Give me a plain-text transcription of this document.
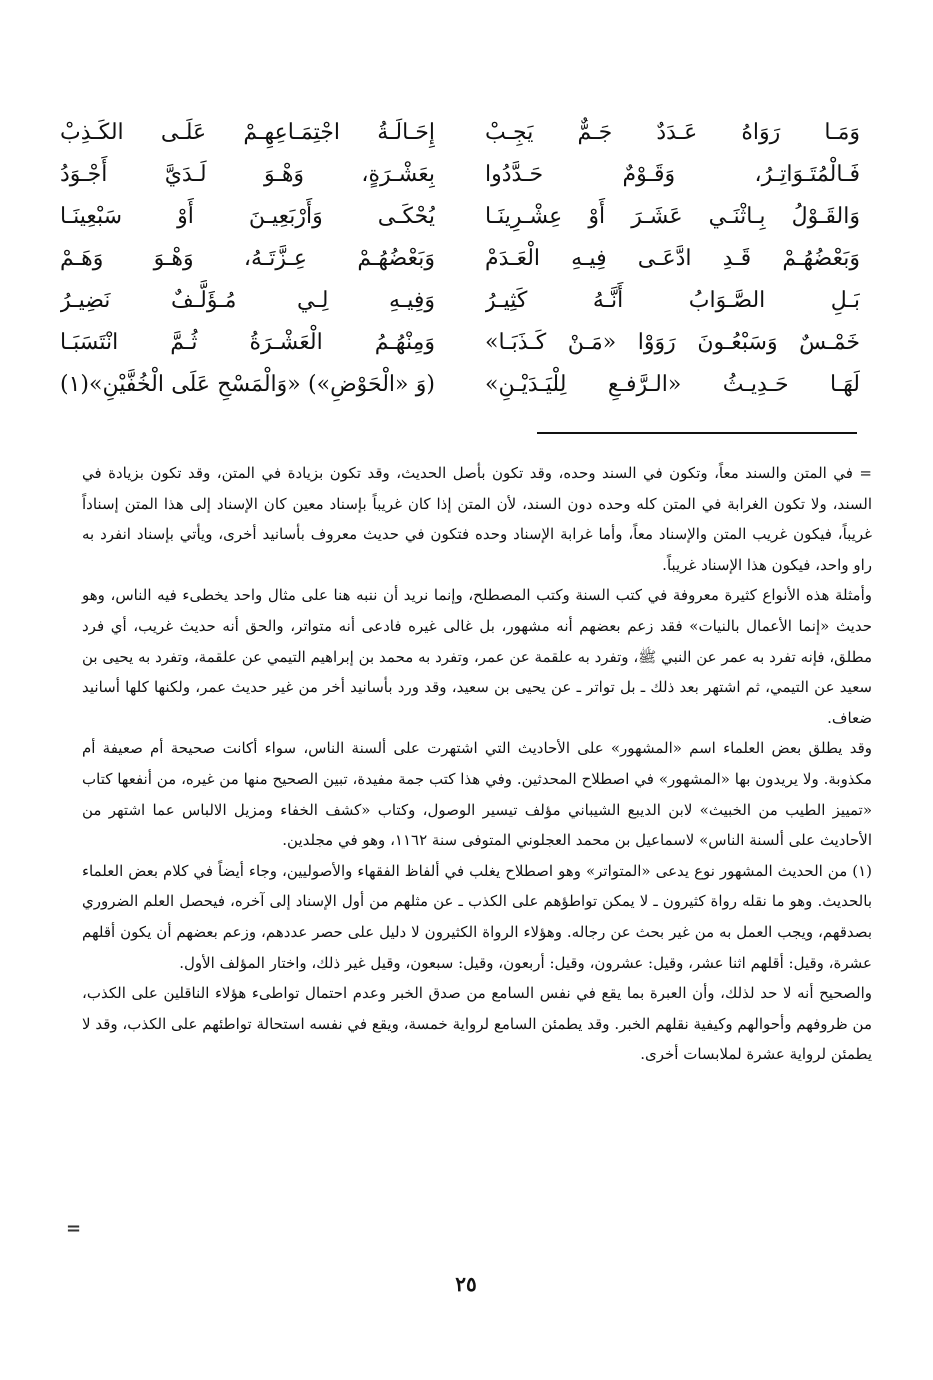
وَمَـا رَوَاهُ عَـدَدٌ جَـمٌّ يَجِـبْ
إِحَـالَـةُ اجْتِمَـاعِهِـمْ عَلَـى الكَـذِبْ
فَـالْمُتَـوَاتِـرُ، وَقَـوْمٌ حَـدَّدُوا
بِعَشْـرَةٍ، وَهْـوَ لَـدَيَّ أَجْـوَدُ
وَالقَـوْلُ بِـاثْنَـي عَشَـرَ أَوْ عِشْـرِينَـا
يُحْكَـى وَأَرْبَعِيـنَ أَوْ سَبْعِينَـا
وَبَعْضُهُـمْ قَـدِ ادَّعَـى فِيـهِ الْعَـدَمْ
وَبَعْضُهُـمْ عِـزَّتَـهُ، وَهْـوَ وَهَـمْ
بَـلِ الصَّـوَابُ أَنَّـهُ كَثِيـرُ
وَفِيـهِ لِـي مُـؤَلَّـفٌ نَضِيـرُ
خَمْـسٌ وَسَبْعُـونَ رَوَوْا «مَـنْ كَـذَبَـا»
وَمِنْهُـمُ الْعَشْـرَةُ ثُـمَّ انْتَسَبَـا
لَهَـا حَـدِيـثُ «الـرَّفـعِ لِلْيَـدَيْـنِ»
(وَ «الْحَوْضِ») «وَالْمَسْحِ عَلَى الْخُفَّيْنِ»(١)

= في المتن والسند معاً، وتكون في السند وحده، وقد تكون بأصل الحديث، وقد تكون بزيادة في المتن، وقد تكون بزيادة في السند، ولا تكون الغرابة في المتن كله وحده دون السند، لأن المتن إذا كان غريباً بإسناد معين كان الإسناد إلى هذا المتن إسناداً غريباً، فيكون غريب المتن والإسناد معاً، وأما غرابة الإسناد وحده فتكون في حديث معروف بأسانيد أخرى، ويأتي بإسناد انفرد به راو واحد، فيكون هذا الإسناد غريباً.

وأمثلة هذه الأنواع كثيرة معروفة في كتب السنة وكتب المصطلح، وإنما نريد أن ننبه هنا على مثال واحد يخطىء فيه الناس، وهو حديث «إنما الأعمال بالنيات» فقد زعم بعضهم أنه مشهور، بل غالى غيره فادعى أنه متواتر، والحق أنه حديث غريب، أي فرد مطلق، فإنه تفرد به عمر عن النبي ﷺ، وتفرد به علقمة عن عمر، وتفرد به محمد بن إبراهيم التيمي عن علقمة، وتفرد به يحيى بن سعيد عن التيمي، ثم اشتهر بعد ذلك ـ بل تواتر ـ عن يحيى بن سعيد، وقد ورد بأسانيد أخر من غير حديث عمر، ولكنها كلها أسانيد ضعاف.

وقد يطلق بعض العلماء اسم «المشهور» على الأحاديث التي اشتهرت على ألسنة الناس، سواء أكانت صحيحة أم صعيفة أم مكذوبة. ولا يريدون بها «المشهور» في اصطلاح المحدثين. وفي هذا كتب جمة مفيدة، تبين الصحيح منها من غيره، من أنفعها كتاب «تمييز الطيب من الخبيث» لابن الديبع الشيباني مؤلف تيسير الوصول، وكتاب «كشف الخفاء ومزيل الالباس عما اشتهر من الأحاديث على ألسنة الناس» لاسماعيل بن محمد العجلوني المتوفى سنة ١١٦٢، وهو في مجلدين.

(١) من الحديث المشهور نوع يدعى «المتواتر» وهو اصطلاح يغلب في ألفاظ الفقهاء والأصوليين، وجاء أيضاً في كلام بعض العلماء بالحديث. وهو ما نقله رواة كثيرون ـ لا يمكن تواطؤهم على الكذب ـ عن مثلهم من أول الإسناد إلى آخره، فيحصل العلم الضروري بصدقهم، ويجب العمل به من غير بحث عن رجاله. وهؤلاء الرواة الكثيرون لا دليل على حصر عددهم، وزعم بعضهم أن يكون أقلهم عشرة، وقيل: أقلهم اثنا عشر، وقيل: عشرون، وقيل: أربعون، وقيل: سبعون، وقيل غير ذلك، واختار المؤلف الأول.

والصحيح أنه لا حد لذلك، وأن العبرة بما يقع في نفس السامع من صدق الخبر وعدم احتمال تواطىء هؤلاء الناقلين على الكذب، من ظروفهم وأحوالهم وكيفية نقلهم الخبر. وقد يطمئن السامع لرواية خمسة، ويقع في نفسه استحالة تواطئهم على الكذب، وقد لا يطمئن لرواية عشرة لملابسات أخرى.

=
٢٥
